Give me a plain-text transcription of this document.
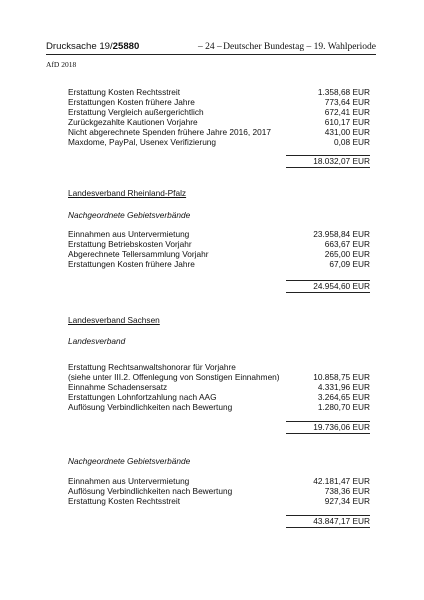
Drucksache 19/25880	– 24 – Deutscher Bundestag – 19. Wahlperiode
AfD 2018
Erstattung Kosten Rechtsstreit	1.358,68 EUR
Erstattungen Kosten frühere Jahre	773,64 EUR
Erstattung Vergleich außergerichtlich	672,41 EUR
Zurückgezahlte Kautionen Vorjahre	610,17 EUR
Nicht abgerechnete Spenden frühere Jahre 2016, 2017	431,00 EUR
Maxdome, PayPal, Usenex Verifizierung	0,08 EUR
18.032,07 EUR
Landesverband Rheinland-Pfalz
Nachgeordnete Gebietsverbände
Einnahmen aus Untervermietung	23.958,84 EUR
Erstattung Betriebskosten Vorjahr	663,67 EUR
Abgerechnete Tellersammlung Vorjahr	265,00 EUR
Erstattungen Kosten frühere Jahre	67,09 EUR
24.954,60 EUR
Landesverband Sachsen
Landesverband
Erstattung Rechtsanwaltshonorar für Vorjahre
(siehe unter III.2. Offenlegung von Sonstigen Einnahmen)	10.858,75 EUR
Einnahme Schadensersatz	4.331,96 EUR
Erstattungen Lohnfortzahlung nach AAG	3.264,65 EUR
Auflösung Verbindlichkeiten nach Bewertung	1.280,70 EUR
19.736,06 EUR
Nachgeordnete Gebietsverbände
Einnahmen aus Untervermietung	42.181,47 EUR
Auflösung Verbindlichkeiten nach Bewertung	738,36 EUR
Erstattung Kosten Rechtsstreit	927,34 EUR
43.847,17 EUR
